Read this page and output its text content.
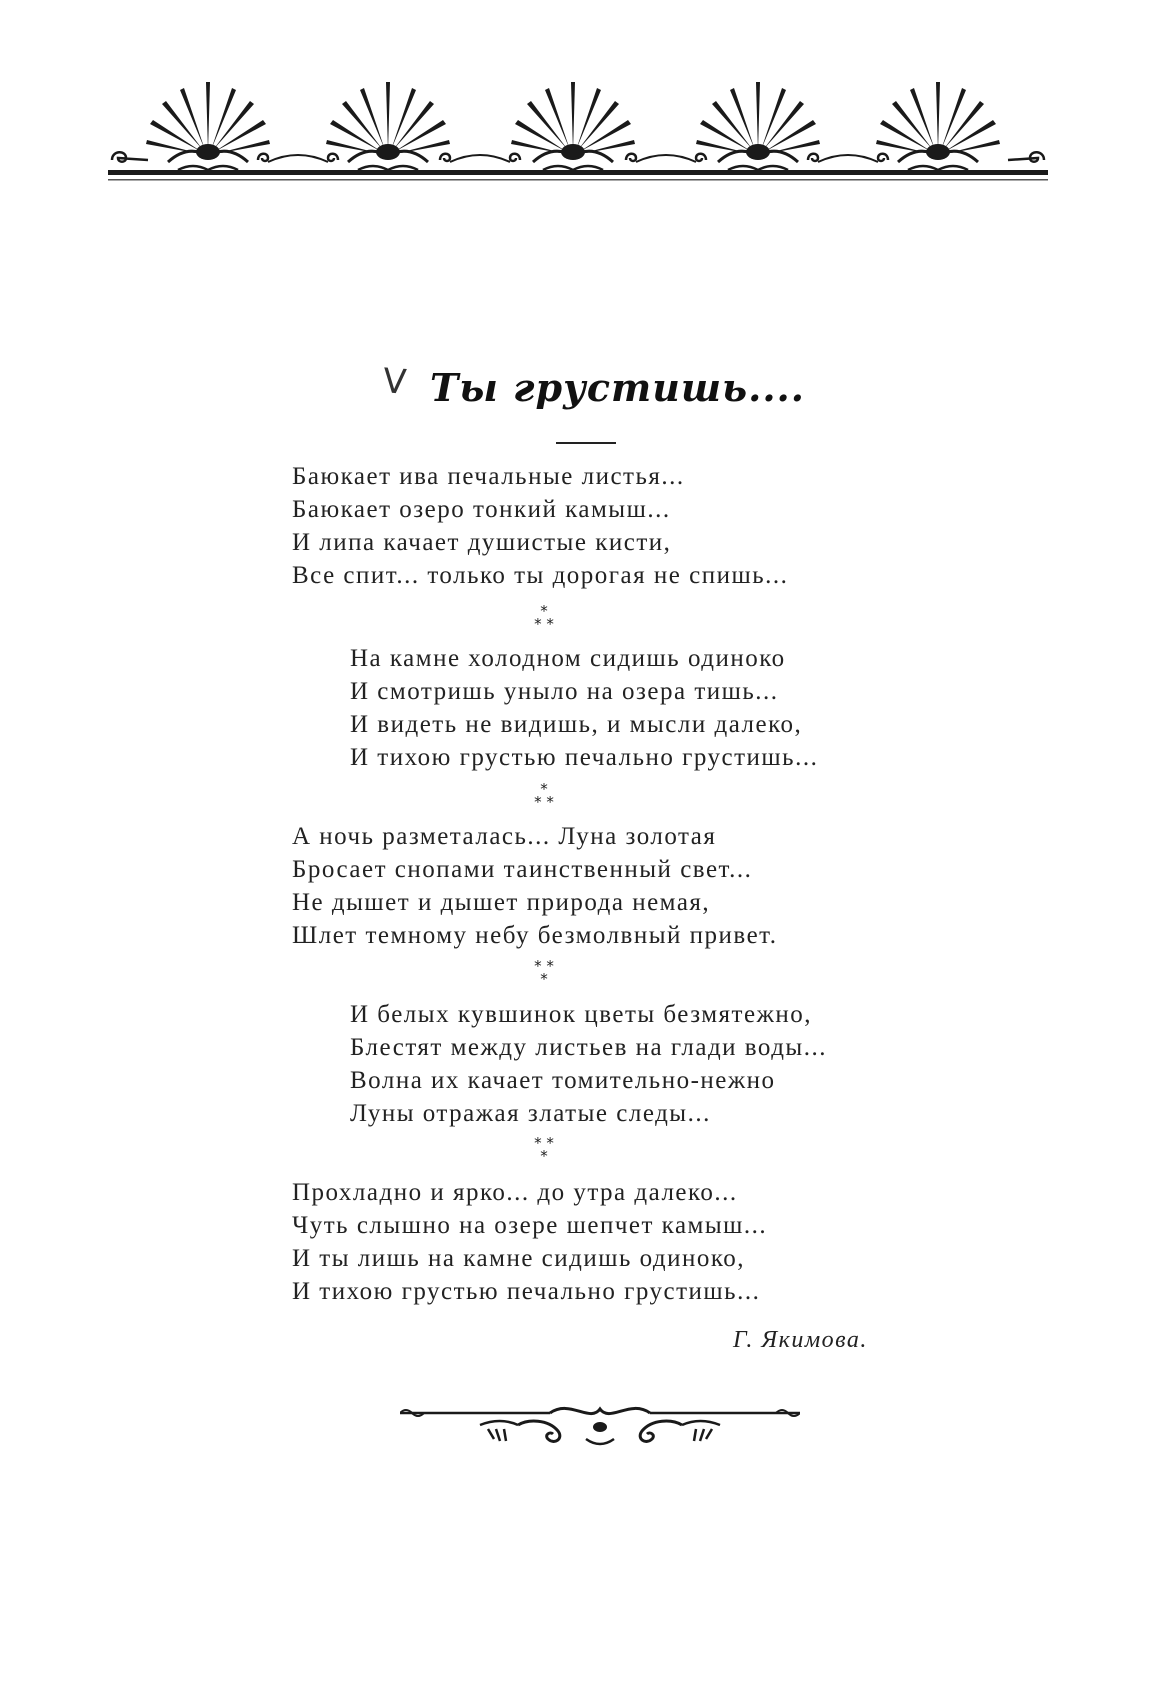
V Ты грустишь....
Баюкает ива печальные листья...
Баюкает озеро тонкий камыш...
И липа качает душистые кисти,
Все спит... только ты дорогая не спишь...
*
* *
На камне холодном сидишь одиноко
И смотришь уныло на озера тишь...
И видеть не видишь, и мысли далеко,
И тихою грустью печально грустишь...
*
* *
А ночь разметалась... Луна золотая
Бросает снопами таинственный свет...
Не дышет и дышет природа немая,
Шлет темному небу безмолвный привет.
* *
*
И белых кувшинок цветы безмятежно,
Блестят между листьев на глади воды...
Волна их качает томительно-нежно
Луны отражая златые следы...
* *
*
Прохладно и ярко... до утра далеко...
Чуть слышно на озере шепчет камыш...
И ты лишь на камне сидишь одиноко,
И тихою грустью печально грустишь...
Г. Якимова.
